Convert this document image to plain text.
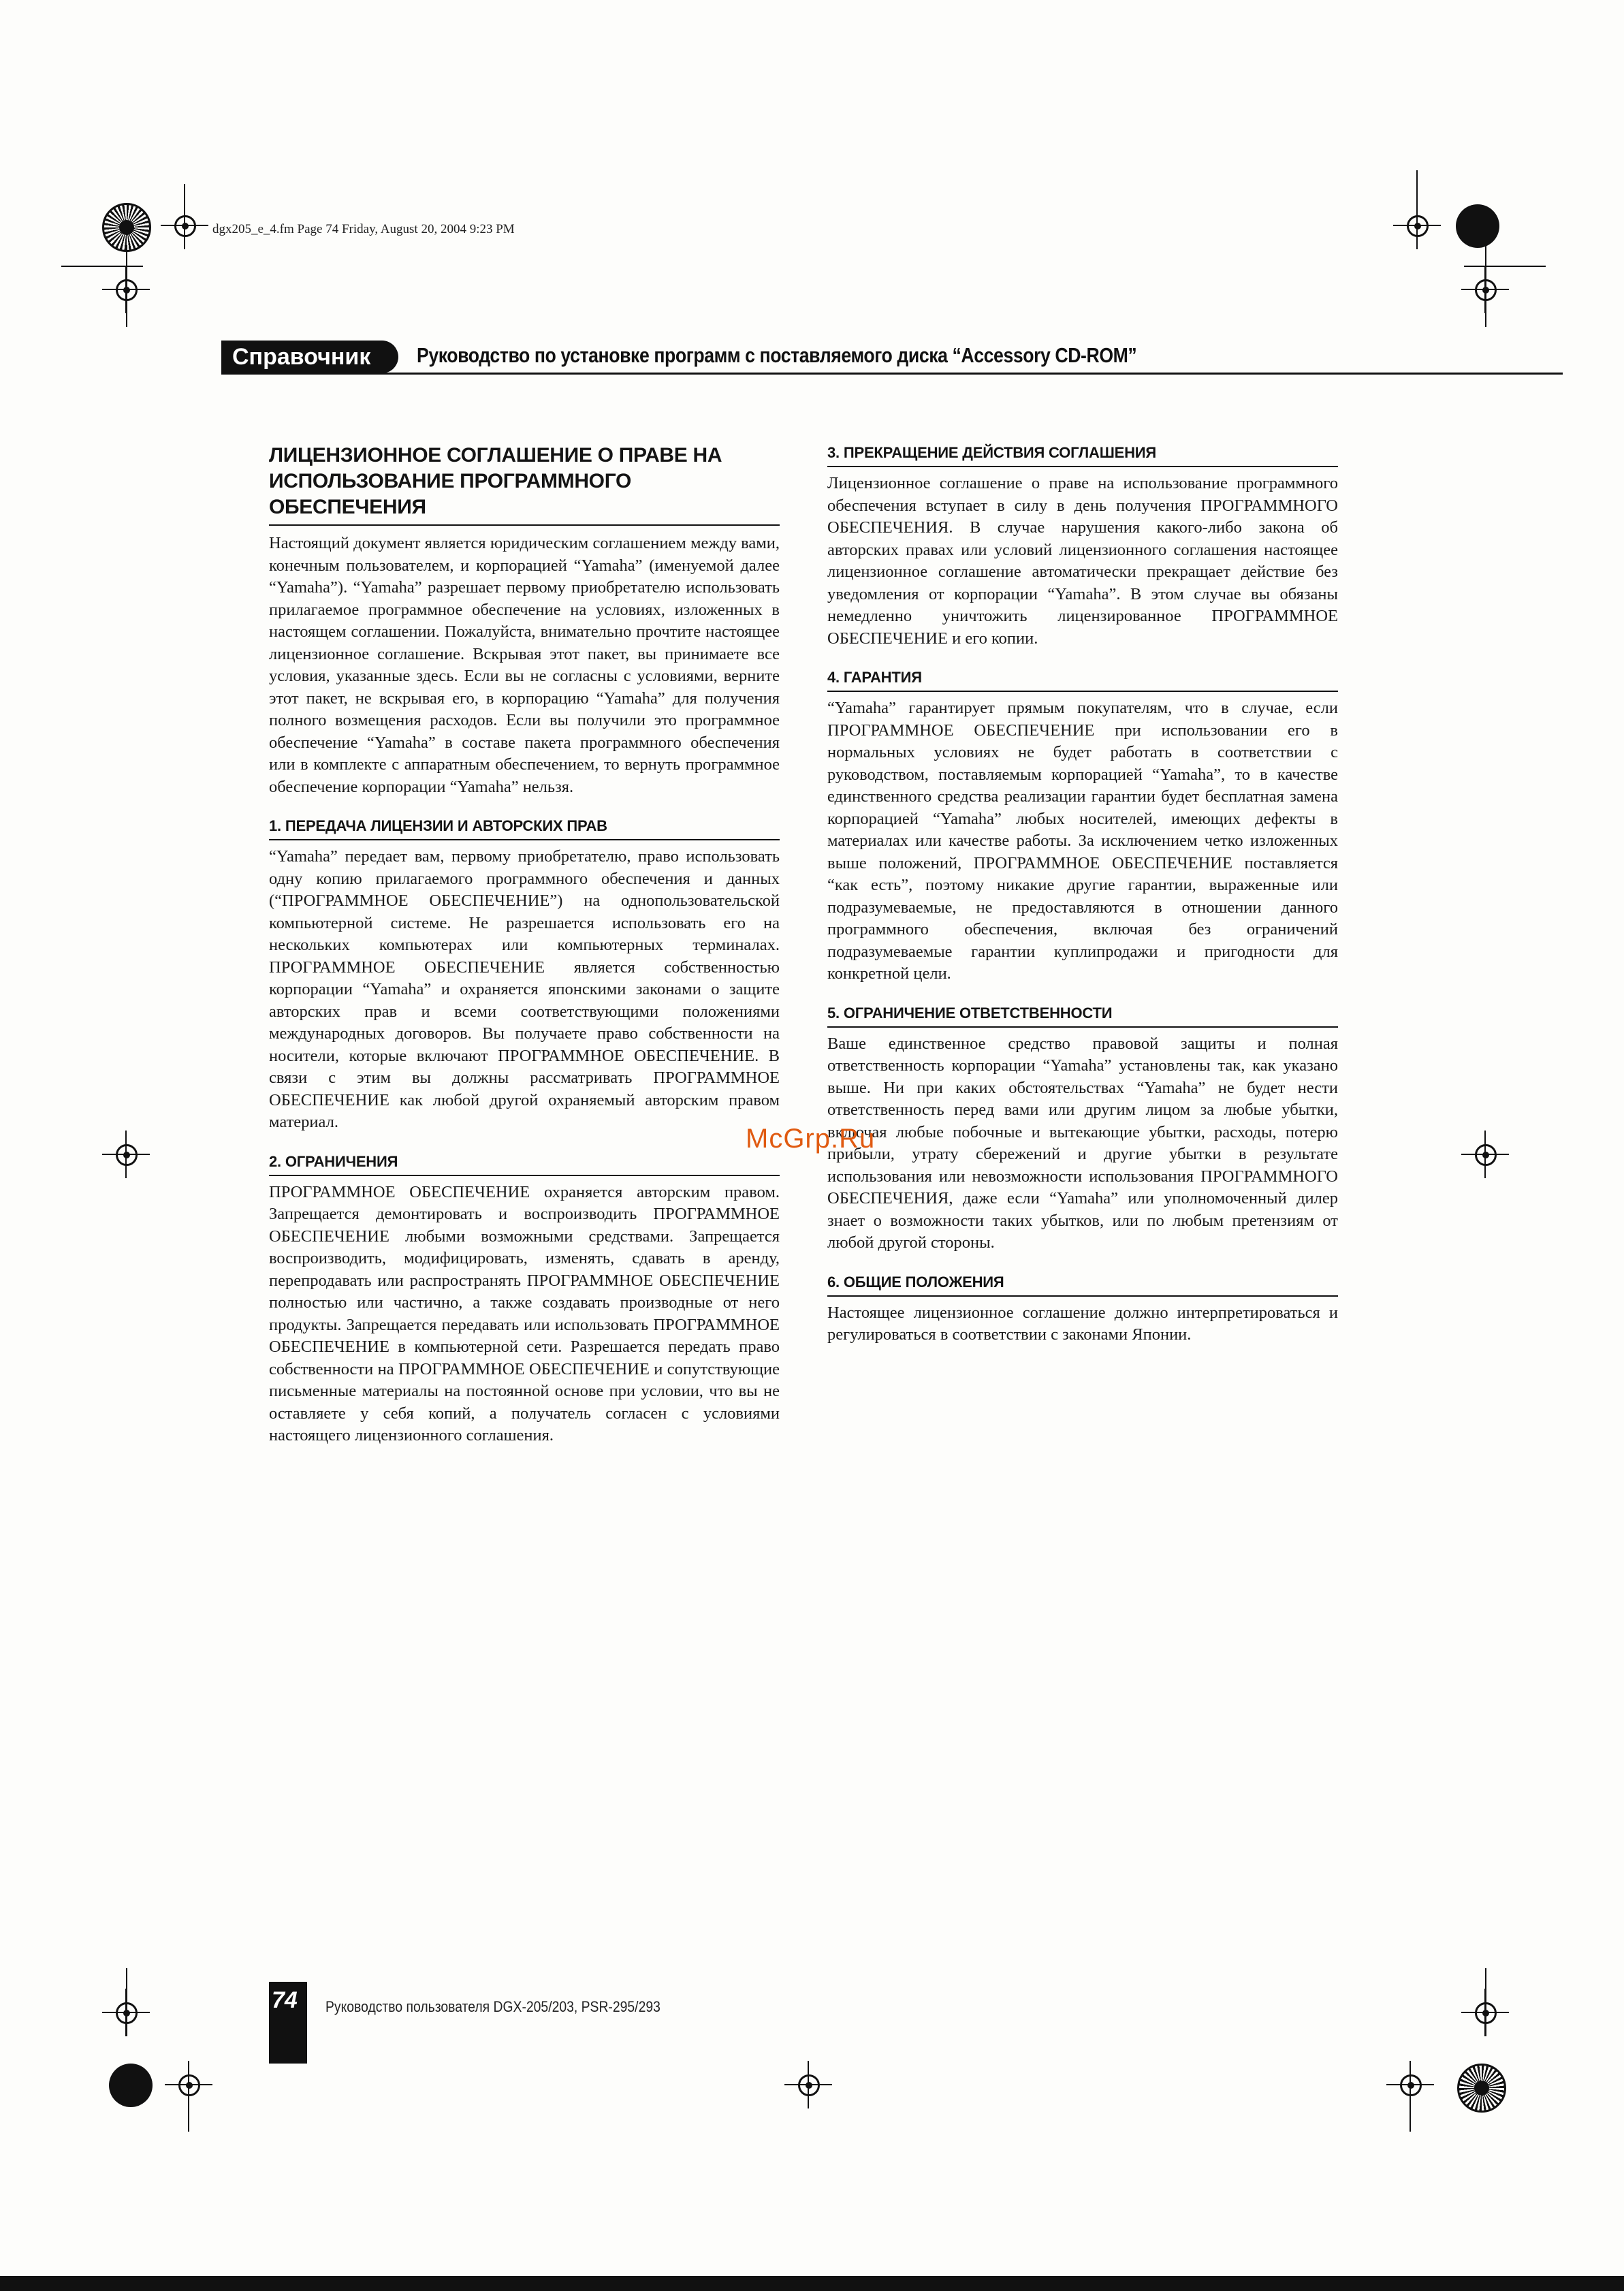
dgx205_e_4.fm Page 74 Friday, August 20, 2004 9:23 PM
Справочник	Руководство по установке программ с поставляемого диска “Accessory CD-ROM”
ЛИЦЕНЗИОННОЕ СОГЛАШЕНИЕ О ПРАВЕ НА
ИСПОЛЬЗОВАНИЕ ПРОГРАММНОГО ОБЕСПЕЧЕНИЯ

Настоящий документ является юридическим соглашением между вами, конечным пользователем, и корпорацией “Yamaha” (именуемой далее “Yamaha”). “Yamaha” разрешает первому приобретателю использовать прилагаемое программное обеспечение на условиях, изложенных в настоящем соглашении. Пожалуйста, внимательно прочтите настоящее лицензионное соглашение. Вскрывая этот пакет, вы принимаете все условия, указанные здесь. Если вы не согласны с условиями, верните этот пакет, не вскрывая его, в корпорацию “Yamaha” для получения полного возмещения расходов. Если вы получили это программное обеспечение “Yamaha” в составе пакета программного обеспечения или в комплекте с аппаратным обеспечением, то вернуть программное обеспечение корпорации “Yamaha” нельзя.

1. ПЕРЕДАЧА ЛИЦЕНЗИИ И АВТОРСКИХ ПРАВ

“Yamaha” передает вам, первому приобретателю, право использовать одну копию прилагаемого программного обеспечения и данных (“ПРОГРАММНОЕ ОБЕСПЕЧЕНИЕ”) на однопользовательской компьютерной системе. Не разрешается использовать его на нескольких компьютерах или компьютерных терминалах. ПРОГРАММНОЕ ОБЕСПЕЧЕНИЕ является собственностью корпорации “Yamaha” и охраняется японскими законами о защите авторских прав и всеми соответствующими положениями международных договоров. Вы получаете право собственности на носители, которые включают ПРОГРАММНОЕ ОБЕСПЕЧЕНИЕ. В связи с этим вы должны рассматривать ПРОГРАММНОЕ ОБЕСПЕЧЕНИЕ как любой другой охраняемый авторским правом материал.

2. ОГРАНИЧЕНИЯ

ПРОГРАММНОЕ ОБЕСПЕЧЕНИЕ охраняется авторским правом. Запрещается демонтировать и воспроизводить ПРОГРАММНОЕ ОБЕСПЕЧЕНИЕ любыми возможными средствами. Запрещается воспроизводить, модифицировать, изменять, сдавать в аренду, перепродавать или распространять ПРОГРАММНОЕ ОБЕСПЕЧЕНИЕ полностью или частично, а также создавать производные от него продукты. Запрещается передавать или использовать ПРОГРАММНОЕ ОБЕСПЕЧЕНИЕ в компьютерной сети. Разрешается передать право собственности на ПРОГРАММНОЕ ОБЕСПЕЧЕНИЕ и сопутствующие письменные материалы на постоянной основе при условии, что вы не оставляете у себя копий, а получатель согласен с условиями настоящего лицензионного соглашения.

3. ПРЕКРАЩЕНИЕ ДЕЙСТВИЯ СОГЛАШЕНИЯ

Лицензионное соглашение о праве на использование программного обеспечения вступает в силу в день получения ПРОГРАММНОГО ОБЕСПЕЧЕНИЯ. В случае нарушения какого-либо закона об авторских правах или условий лицензионного соглашения настоящее лицензионное соглашение автоматически прекращает действие без уведомления от корпорации “Yamaha”. В этом случае вы обязаны немедленно уничтожить лицензированное ПРОГРАММНОЕ ОБЕСПЕЧЕНИЕ и его копии.

4. ГАРАНТИЯ

“Yamaha” гарантирует прямым покупателям, что в случае, если ПРОГРАММНОЕ ОБЕСПЕЧЕНИЕ при использовании его в нормальных условиях не будет работать в соответствии с руководством, поставляемым корпорацией “Yamaha”, то в качестве единственного средства реализации гарантии будет бесплатная замена корпорацией “Yamaha” любых носителей, имеющих дефекты в материалах или качестве работы. За исключением четко изложенных выше положений, ПРОГРАММНОЕ ОБЕСПЕЧЕНИЕ поставляется “как есть”, поэтому никакие другие гарантии, выраженные или подразумеваемые, не предоставляются в отношении данного программного обеспечения, включая без ограничений подразумеваемые гарантии куплипродажи и пригодности для конкретной цели.

5. ОГРАНИЧЕНИЕ ОТВЕТСТВЕННОСТИ

Ваше единственное средство правовой защиты и полная ответственность корпорации “Yamaha” установлены так, как указано выше. Ни при каких обстоятельствах “Yamaha” не будет нести ответственность перед вами или другим лицом за любые убытки, включая любые побочные и вытекающие убытки, расходы, потерю прибыли, утрату сбережений и другие убытки в результате использования или невозможности использования ПРОГРАММНОГО ОБЕСПЕЧЕНИЯ, даже если “Yamaha” или уполномоченный дилер знает о возможности таких убытков, или по любым претензиям от любой другой стороны.

6. ОБЩИЕ ПОЛОЖЕНИЯ

Настоящее лицензионное соглашение должно интерпретироваться и регулироваться в соответствии с законами Японии.

McGrp.Ru
74 Руководство пользователя DGX-205/203, PSR-295/293
